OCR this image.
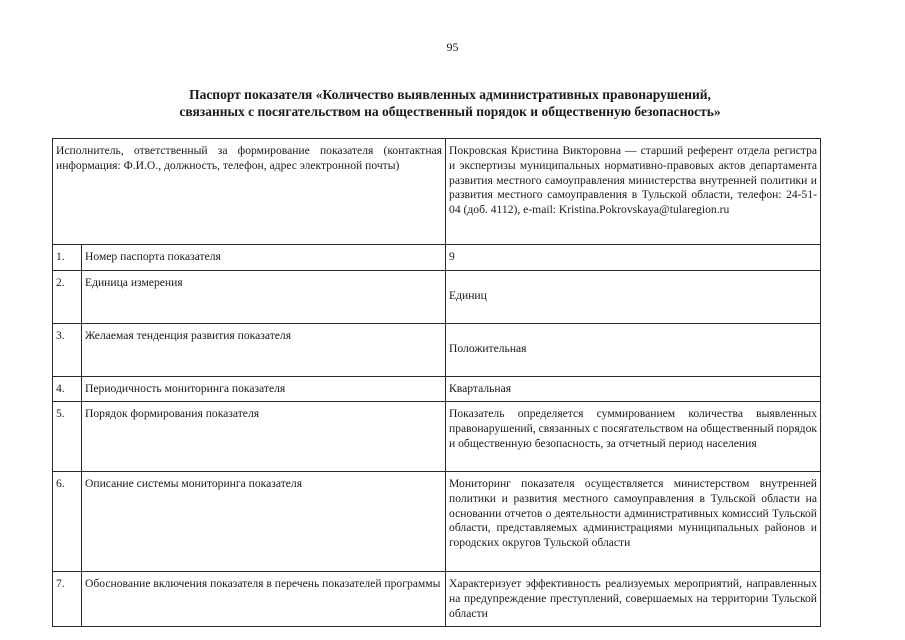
95
Паспорт показателя «Количество выявленных административных правонарушений,
связанных с посягательством на общественный порядок и общественную безопасность»
Исполнитель, ответственный за формирование показателя (контактная информация: Ф.И.О., должность, телефон, адрес электронной почты)		Покровская Кристина Викторовна — старший референт отдела регистра и экспертизы муниципальных нормативно-правовых актов департамента развития местного самоуправления министерства внутренней политики и развития местного самоуправления в Тульской области, телефон: 24-51-04 (доб. 4112), e-mail: Kristina.Pokrovskaya@tularegion.ru
1.	Номер паспорта показателя	9
2.	Единица измерения	Единиц
3.	Желаемая тенденция развития показателя	Положительная
4.	Периодичность мониторинга показателя	Квартальная
5.	Порядок формирования показателя	Показатель определяется суммированием количества выявленных правонарушений, связанных с посягательством на общественный порядок и общественную безопасность, за отчетный период населения
6.	Описание системы мониторинга показателя	Мониторинг показателя осуществляется министерством внутренней политики и развития местного самоуправления в Тульской области на основании отчетов о деятельности административных комиссий Тульской области, представляемых администрациями муниципальных районов и городских округов Тульской области
7.	Обоснование включения показателя в перечень показателей программы	Характеризует эффективность реализуемых мероприятий, направленных на предупреждение преступлений, совершаемых на территории Тульской области
